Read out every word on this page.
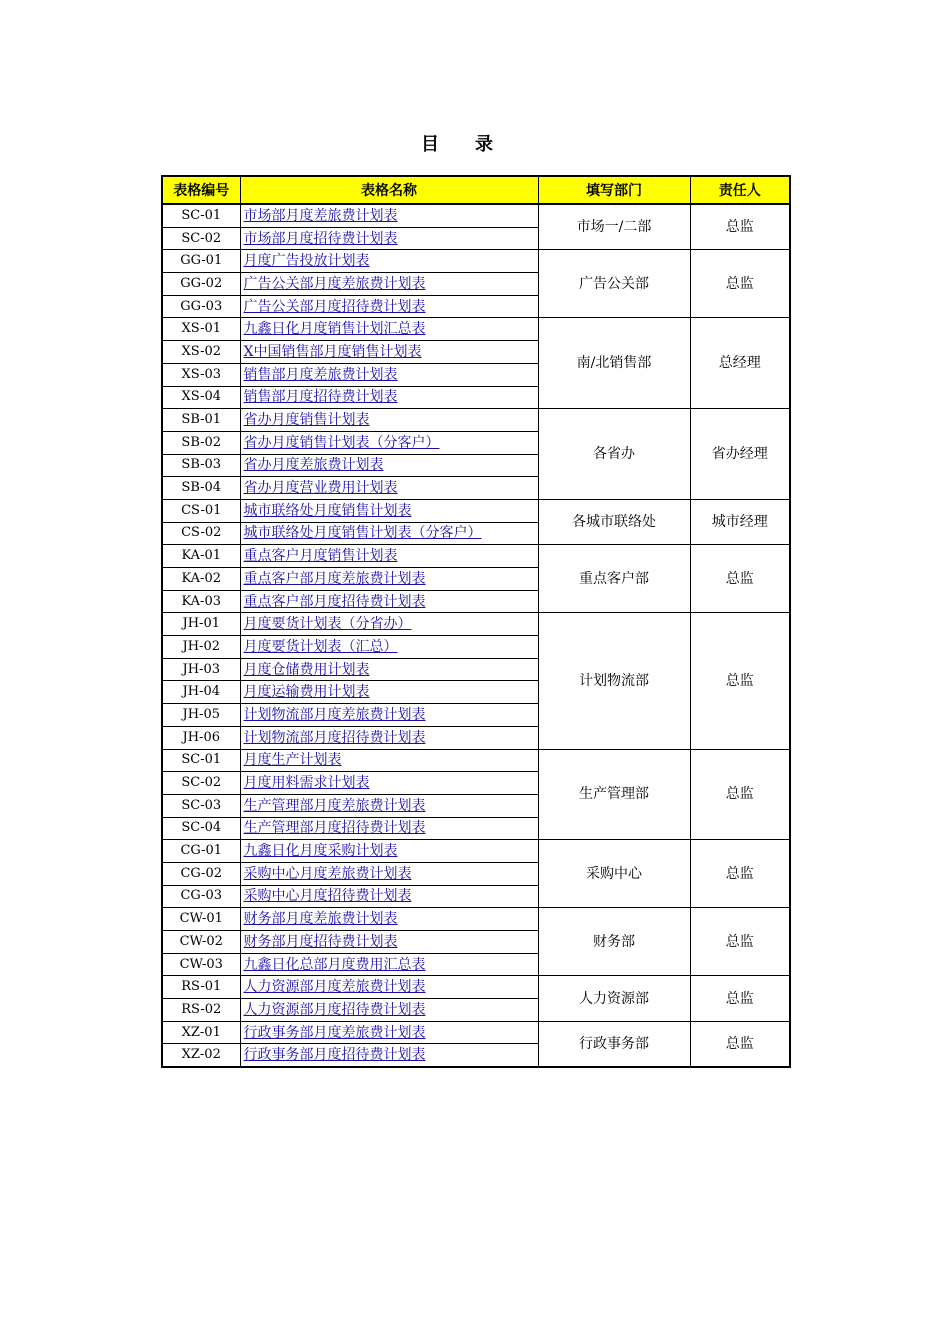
目录
表格编号	表格名称	填写部门	责任人
SC-01	市场部月度差旅费计划表	市场一/二部	总监
SC-02	市场部月度招待费计划表		
GG-01	月度广告投放计划表	广告公关部	总监
GG-02	广告公关部月度差旅费计划表		
GG-03	广告公关部月度招待费计划表		
XS-01	九鑫日化月度销售计划汇总表	南/北销售部	总经理
XS-02	X中国销售部月度销售计划表		
XS-03	销售部月度差旅费计划表		
XS-04	销售部月度招待费计划表		
SB-01	省办月度销售计划表	各省办	省办经理
SB-02	省办月度销售计划表（分客户）		
SB-03	省办月度差旅费计划表		
SB-04	省办月度营业费用计划表		
CS-01	城市联络处月度销售计划表	各城市联络处	城市经理
CS-02	城市联络处月度销售计划表（分客户）		
KA-01	重点客户月度销售计划表	重点客户部	总监
KA-02	重点客户部月度差旅费计划表		
KA-03	重点客户部月度招待费计划表		
JH-01	月度要货计划表（分省办）	计划物流部	总监
JH-02	月度要货计划表（汇总）		
JH-03	月度仓储费用计划表		
JH-04	月度运输费用计划表		
JH-05	计划物流部月度差旅费计划表		
JH-06	计划物流部月度招待费计划表		
SC-01	月度生产计划表	生产管理部	总监
SC-02	月度用料需求计划表		
SC-03	生产管理部月度差旅费计划表		
SC-04	生产管理部月度招待费计划表		
CG-01	九鑫日化月度采购计划表	采购中心	总监
CG-02	采购中心月度差旅费计划表		
CG-03	采购中心月度招待费计划表		
CW-01	财务部月度差旅费计划表	财务部	总监
CW-02	财务部月度招待费计划表		
CW-03	九鑫日化总部月度费用汇总表		
RS-01	人力资源部月度差旅费计划表	人力资源部	总监
RS-02	人力资源部月度招待费计划表		
XZ-01	行政事务部月度差旅费计划表	行政事务部	总监
XZ-02	行政事务部月度招待费计划表		
